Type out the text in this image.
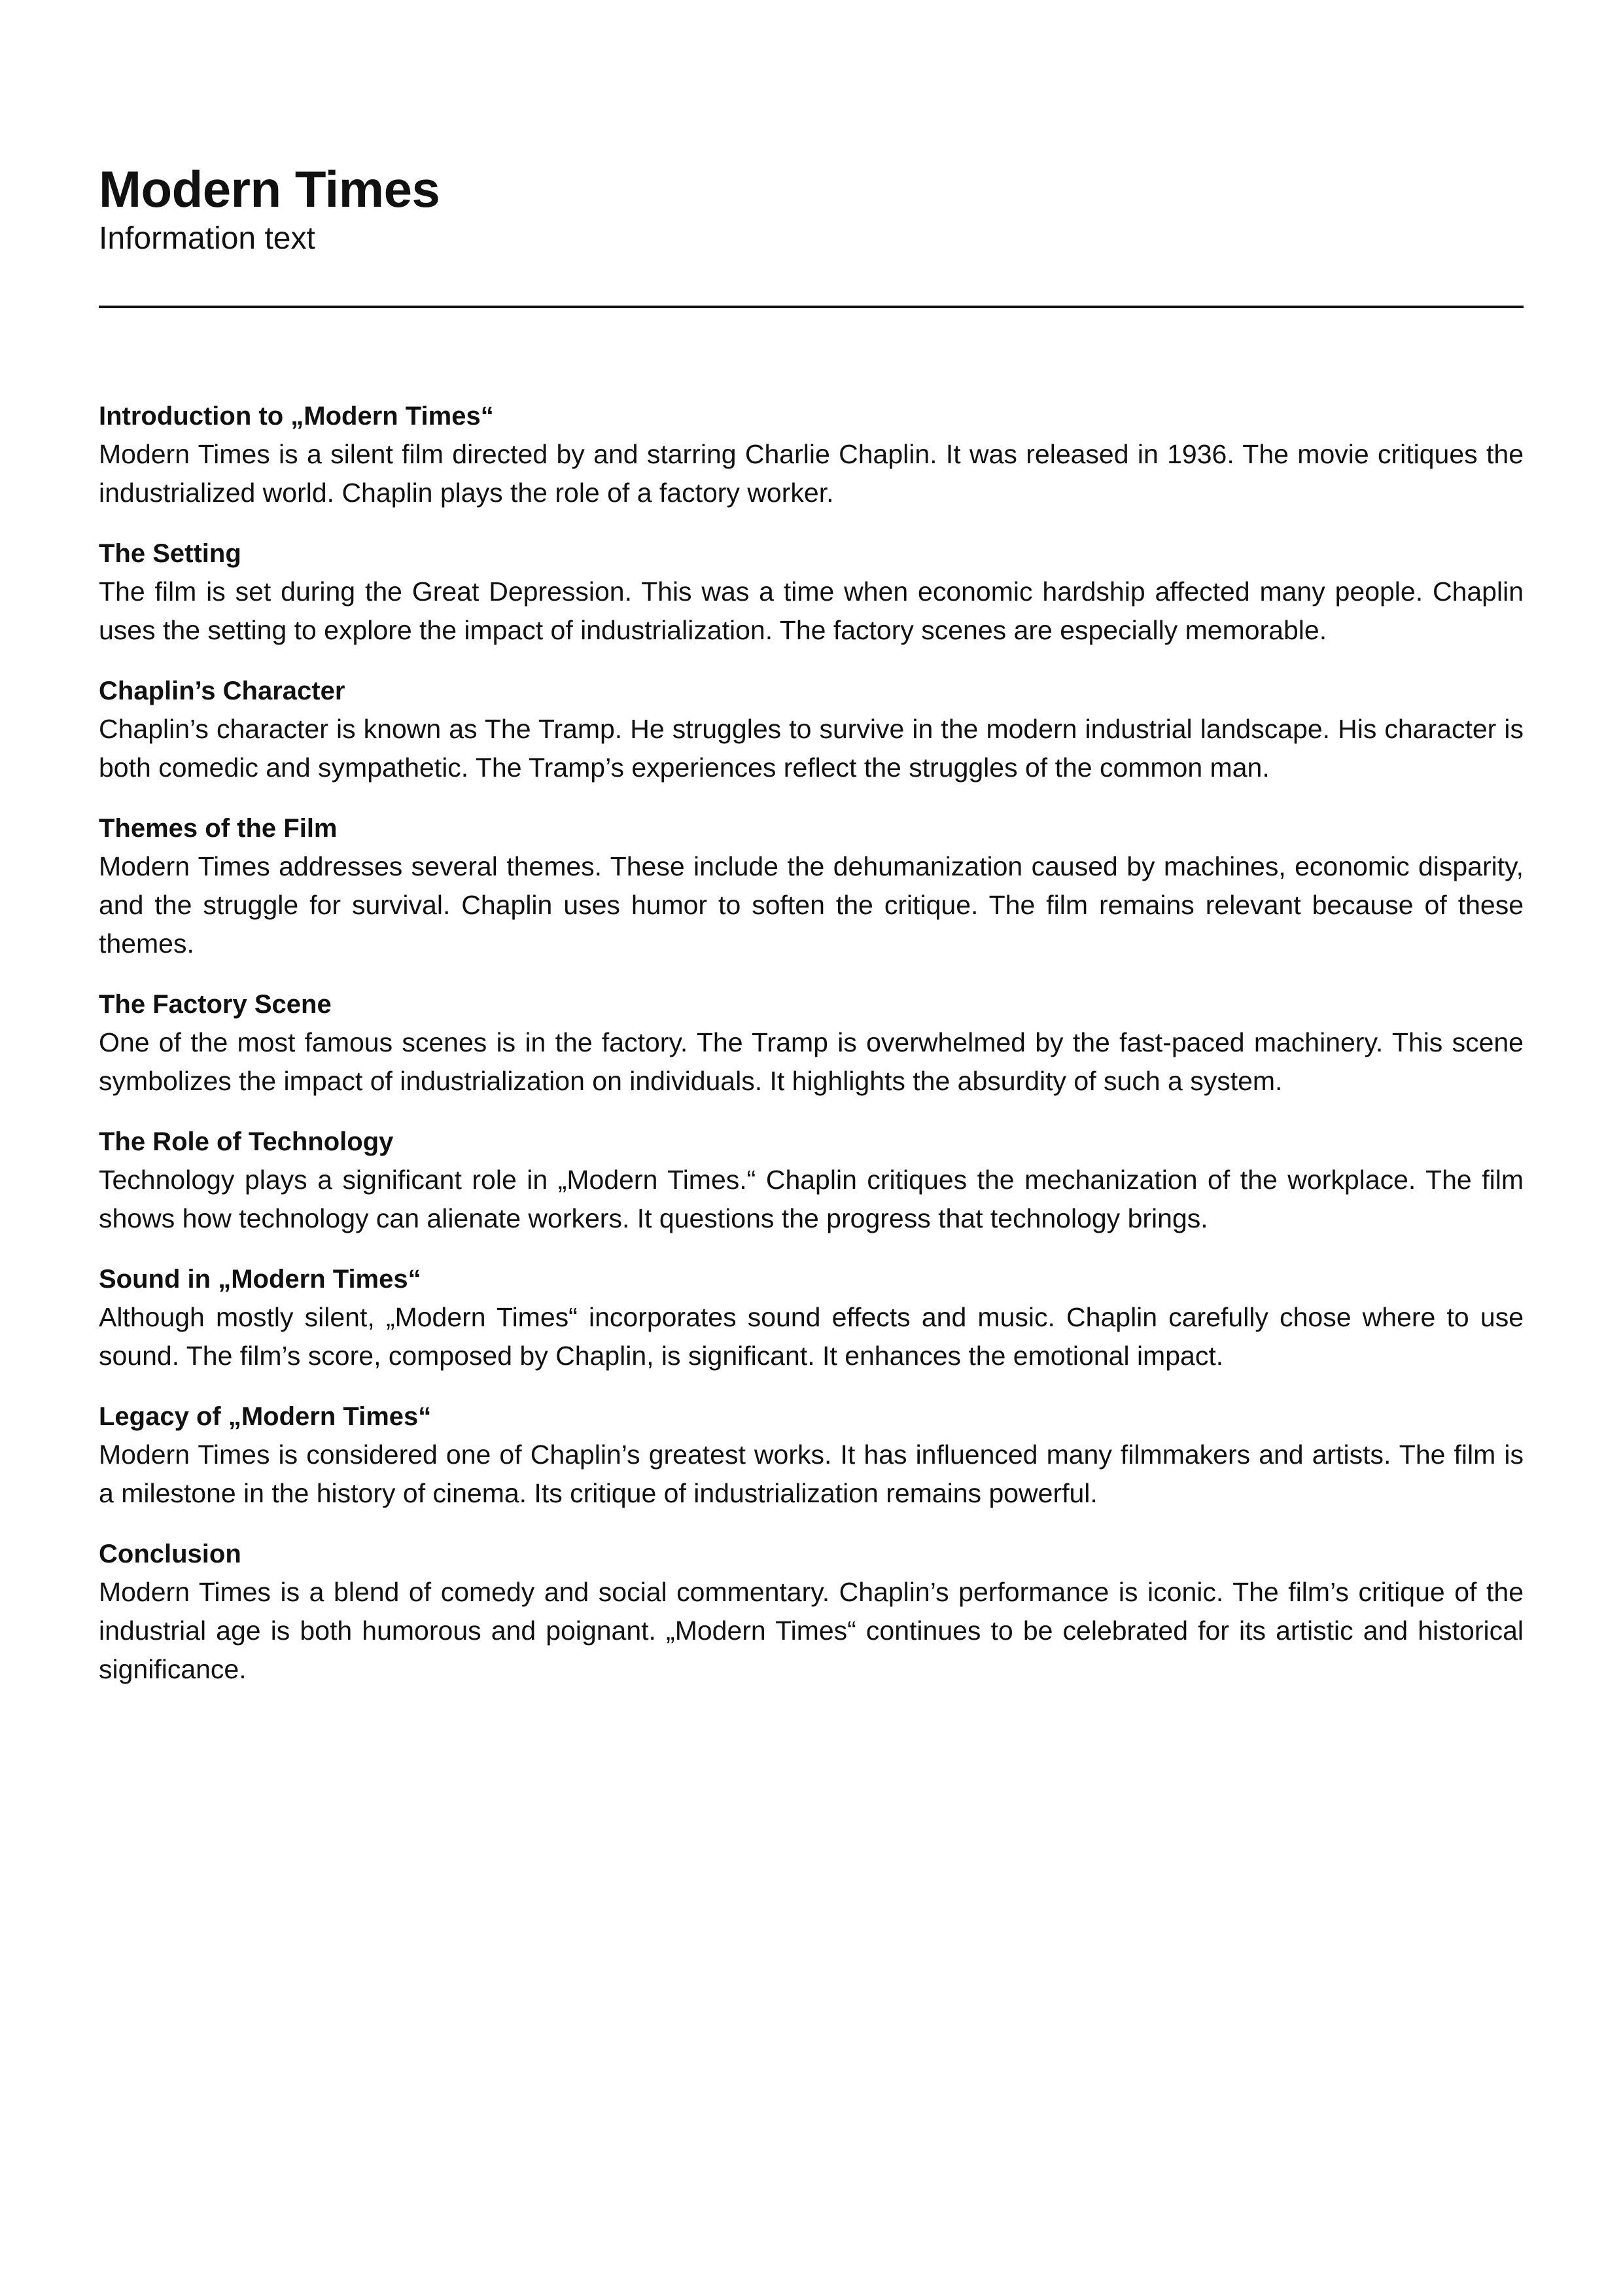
Modern Times

Information text

Introduction to „Modern Times“

Modern Times is a silent film directed by and starring Charlie Chaplin. It was released in 1936. The movie critiques the industrialized world. Chaplin plays the role of a factory worker.

The Setting

The film is set during the Great Depression. This was a time when economic hardship affected many people. Chaplin uses the setting to explore the impact of industrialization. The factory scenes are especially memorable.

Chaplin’s Character

Chaplin’s character is known as The Tramp. He struggles to survive in the modern industrial landscape. His character is both comedic and sympathetic. The Tramp’s experiences reflect the struggles of the common man.

Themes of the Film

Modern Times addresses several themes. These include the dehumanization caused by machines, economic disparity, and the struggle for survival. Chaplin uses humor to soften the critique. The film remains relevant because of these themes.

The Factory Scene

One of the most famous scenes is in the factory. The Tramp is overwhelmed by the fast-paced machinery. This scene symbolizes the impact of industrialization on individuals. It highlights the absurdity of such a system.

The Role of Technology

Technology plays a significant role in „Modern Times.“ Chaplin critiques the mechanization of the workplace. The film shows how technology can alienate workers. It questions the progress that technology brings.

Sound in „Modern Times“

Although mostly silent, „Modern Times“ incorporates sound effects and music. Chaplin carefully chose where to use sound. The film’s score, composed by Chaplin, is significant. It enhances the emotional impact.

Legacy of „Modern Times“

Modern Times is considered one of Chaplin’s greatest works. It has influenced many filmmakers and artists. The film is a milestone in the history of cinema. Its critique of industrialization remains powerful.

Conclusion

Modern Times is a blend of comedy and social commentary. Chaplin’s performance is iconic. The film’s critique of the industrial age is both humorous and poignant. „Modern Times“ continues to be celebrated for its artistic and historical significance.
